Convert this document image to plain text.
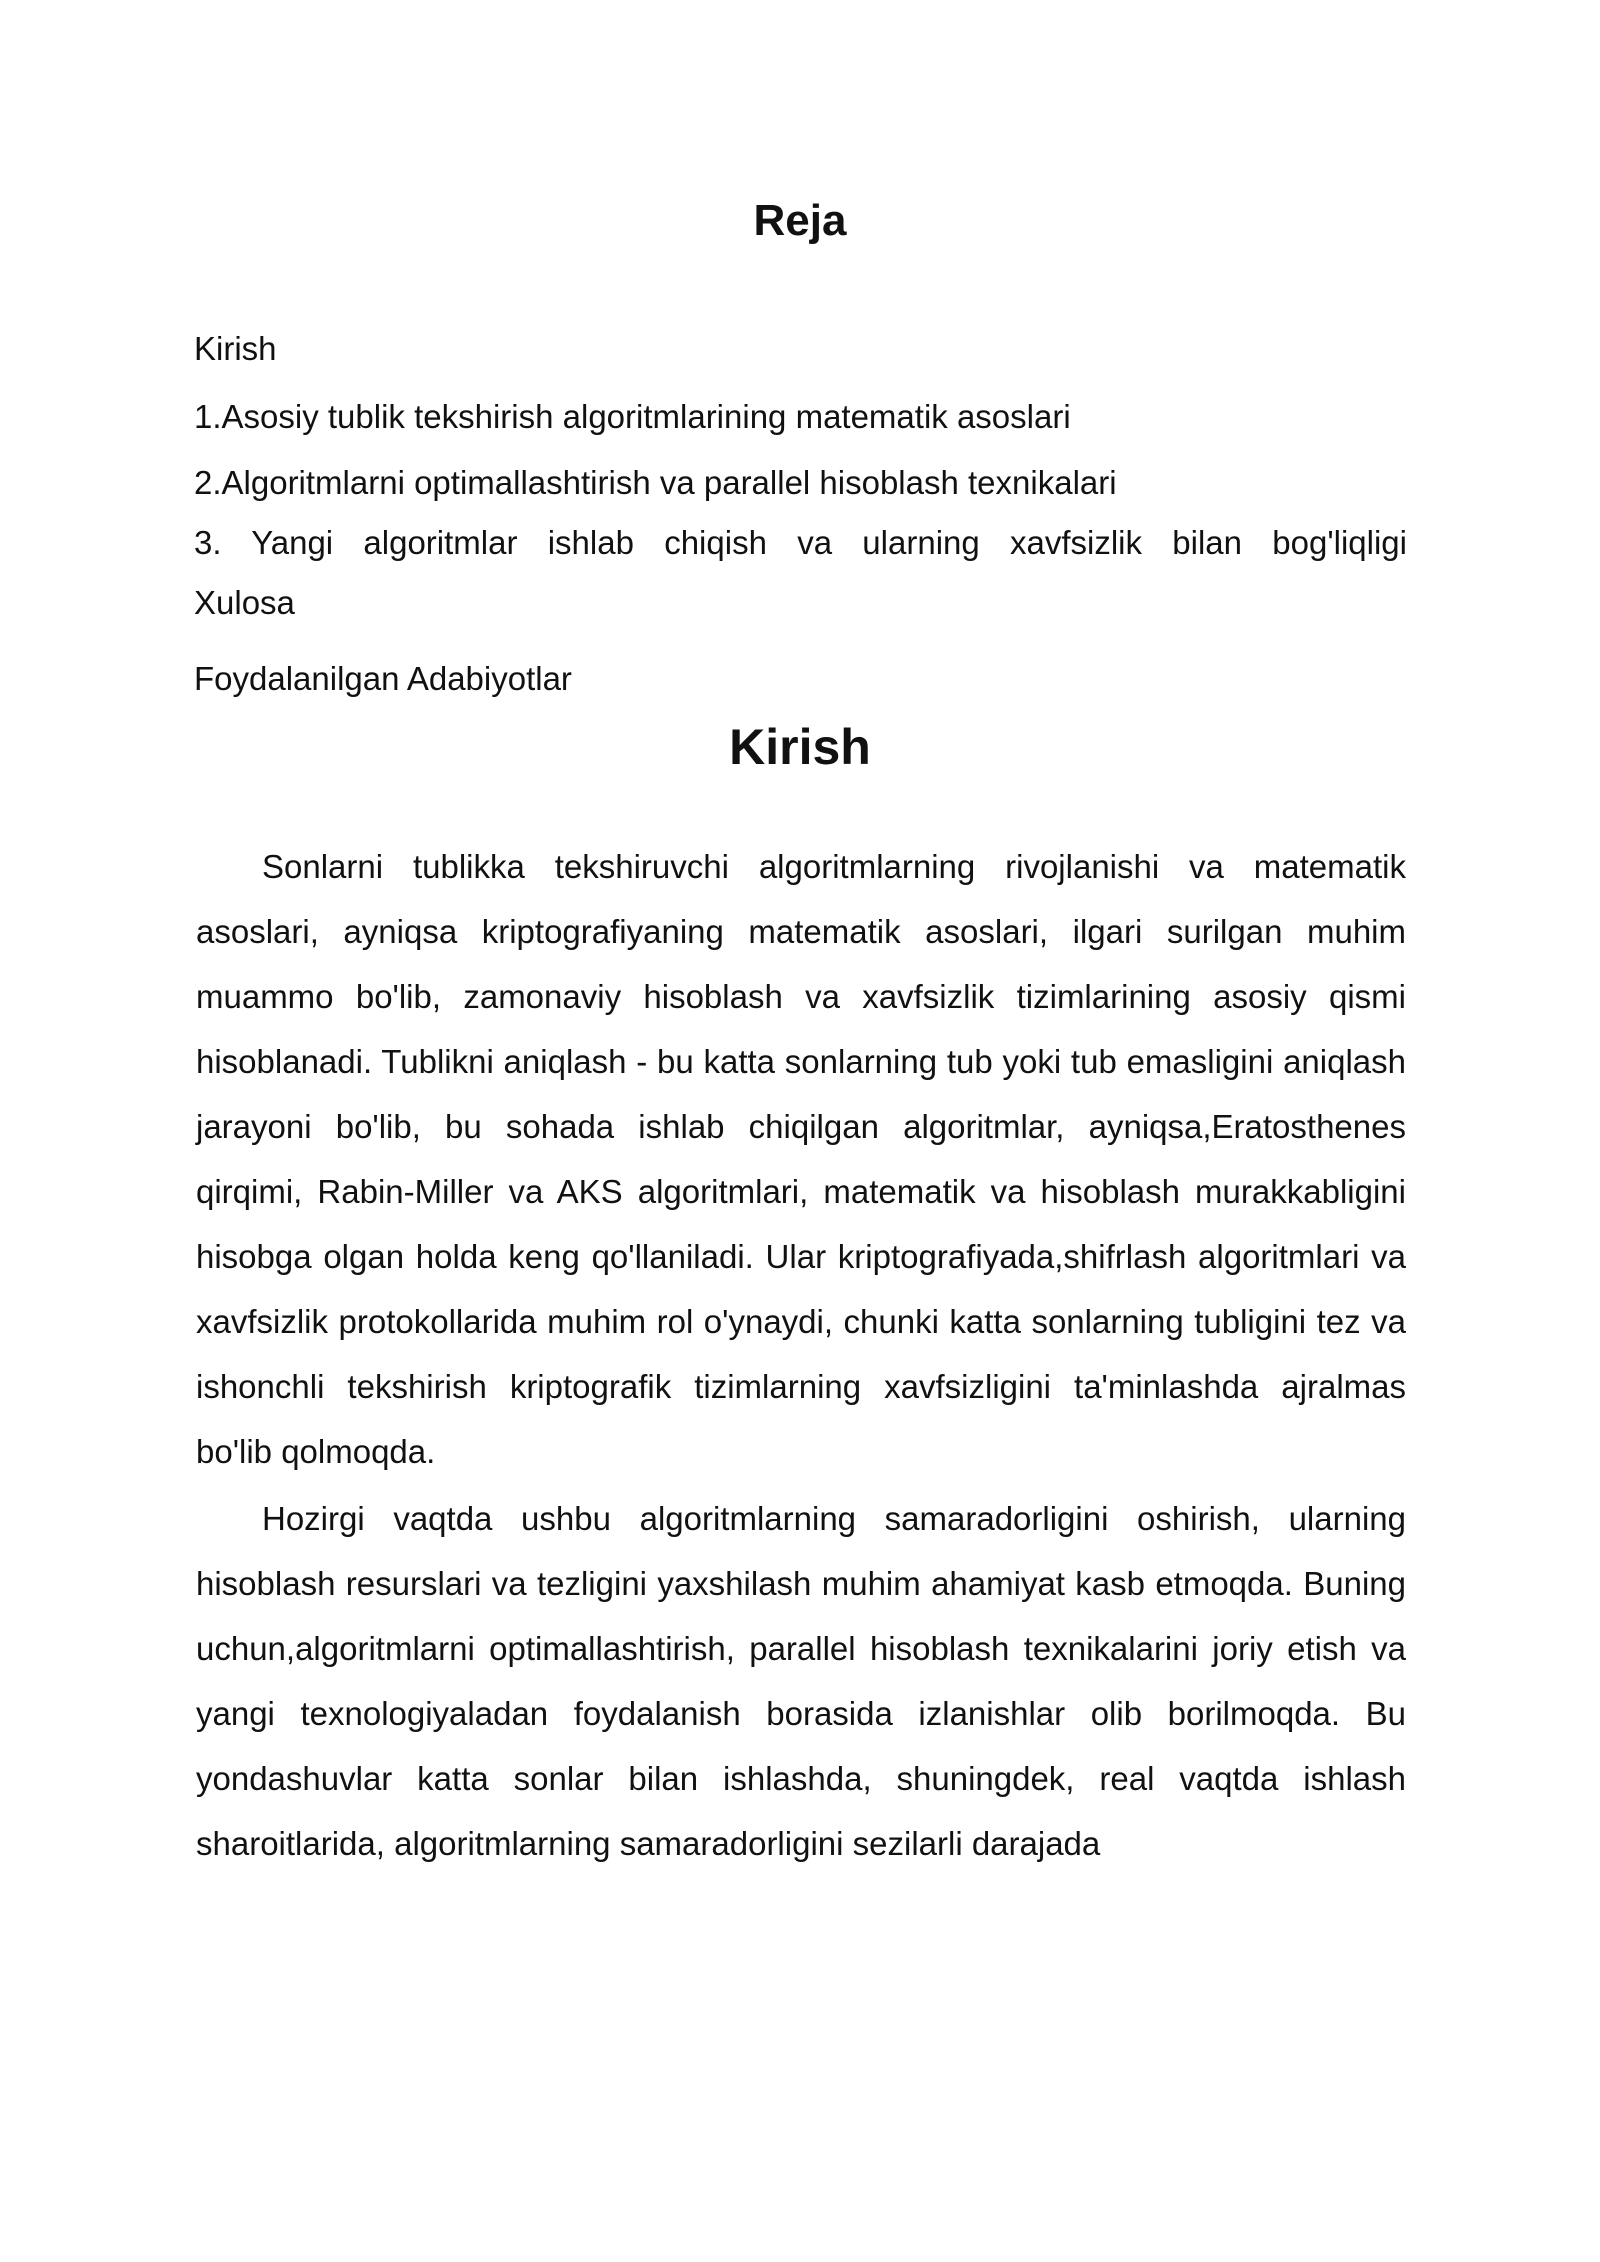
Reja

Kirish

1.Asosiy tublik tekshirish algoritmlarining matematik asoslari

2.Algoritmlarni optimallashtirish va parallel hisoblash texnikalari

3. Yangi algoritmlar ishlab chiqish va ularning xavfsizlik bilan bog'liqligi

Xulosa

Foydalanilgan Adabiyotlar

Kirish

Sonlarni tublikka tekshiruvchi algoritmlarning rivojlanishi va matematik asoslari, ayniqsa kriptografiyaning matematik asoslari, ilgari surilgan muhim muammo bo'lib, zamonaviy hisoblash va xavfsizlik tizimlarining asosiy qismi hisoblanadi. Tublikni aniqlash - bu katta sonlarning tub yoki tub emasligini aniqlash jarayoni bo'lib, bu sohada ishlab chiqilgan algoritmlar, ayniqsa,Eratosthenes qirqimi, Rabin-Miller va AKS algoritmlari, matematik va hisoblash murakkabligini hisobga olgan holda keng qo'llaniladi. Ular kriptografiyada,shifrlash algoritmlari va xavfsizlik protokollarida muhim rol o'ynaydi, chunki katta sonlarning tubligini tez va ishonchli tekshirish kriptografik tizimlarning xavfsizligini ta'minlashda ajralmas bo'lib qolmoqda.

Hozirgi vaqtda ushbu algoritmlarning samaradorligini oshirish, ularning hisoblash resurslari va tezligini yaxshilash muhim ahamiyat kasb etmoqda. Buning uchun,algoritmlarni optimallashtirish, parallel hisoblash texnikalarini joriy etish va yangi texnologiyaladan foydalanish borasida izlanishlar olib borilmoqda. Bu yondashuvlar katta sonlar bilan ishlashda, shuningdek, real vaqtda ishlash sharoitlarida, algoritmlarning samaradorligini sezilarli darajada
